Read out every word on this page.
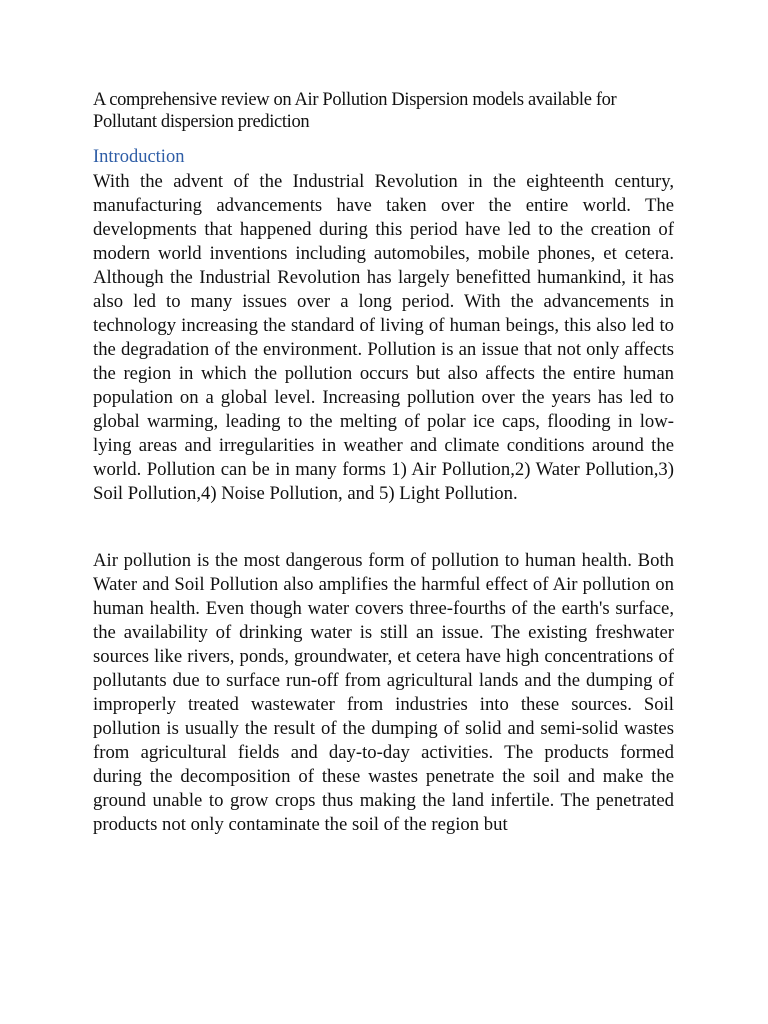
A comprehensive review on Air Pollution Dispersion models available for Pollutant dispersion prediction

Introduction

With the advent of the Industrial Revolution in the eighteenth century, manufacturing advancements have taken over the entire world. The developments that happened during this period have led to the creation of modern world inventions including automobiles, mobile phones, et cetera. Although the Industrial Revolution has largely benefitted humankind, it has also led to many issues over a long period. With the advancements in technology increasing the standard of living of human beings, this also led to the degradation of the environment. Pollution is an issue that not only affects the region in which the pollution occurs but also affects the entire human population on a global level. Increasing pollution over the years has led to global warming, leading to the melting of polar ice caps, flooding in low-lying areas and irregularities in weather and climate conditions around the world. Pollution can be in many forms 1) Air Pollution,2) Water Pollution,3) Soil Pollution,4) Noise Pollution, and 5) Light Pollution.

Air pollution is the most dangerous form of pollution to human health. Both Water and Soil Pollution also amplifies the harmful effect of Air pollution on human health. Even though water covers three-fourths of the earth's surface, the availability of drinking water is still an issue. The existing freshwater sources like rivers, ponds, groundwater, et cetera have high concentrations of pollutants due to surface run-off from agricultural lands and the dumping of improperly treated wastewater from industries into these sources. Soil pollution is usually the result of the dumping of solid and semi-solid wastes from agricultural fields and day-to-day activities. The products formed during the decomposition of these wastes penetrate the soil and make the ground unable to grow crops thus making the land infertile. The penetrated products not only contaminate the soil of the region but
